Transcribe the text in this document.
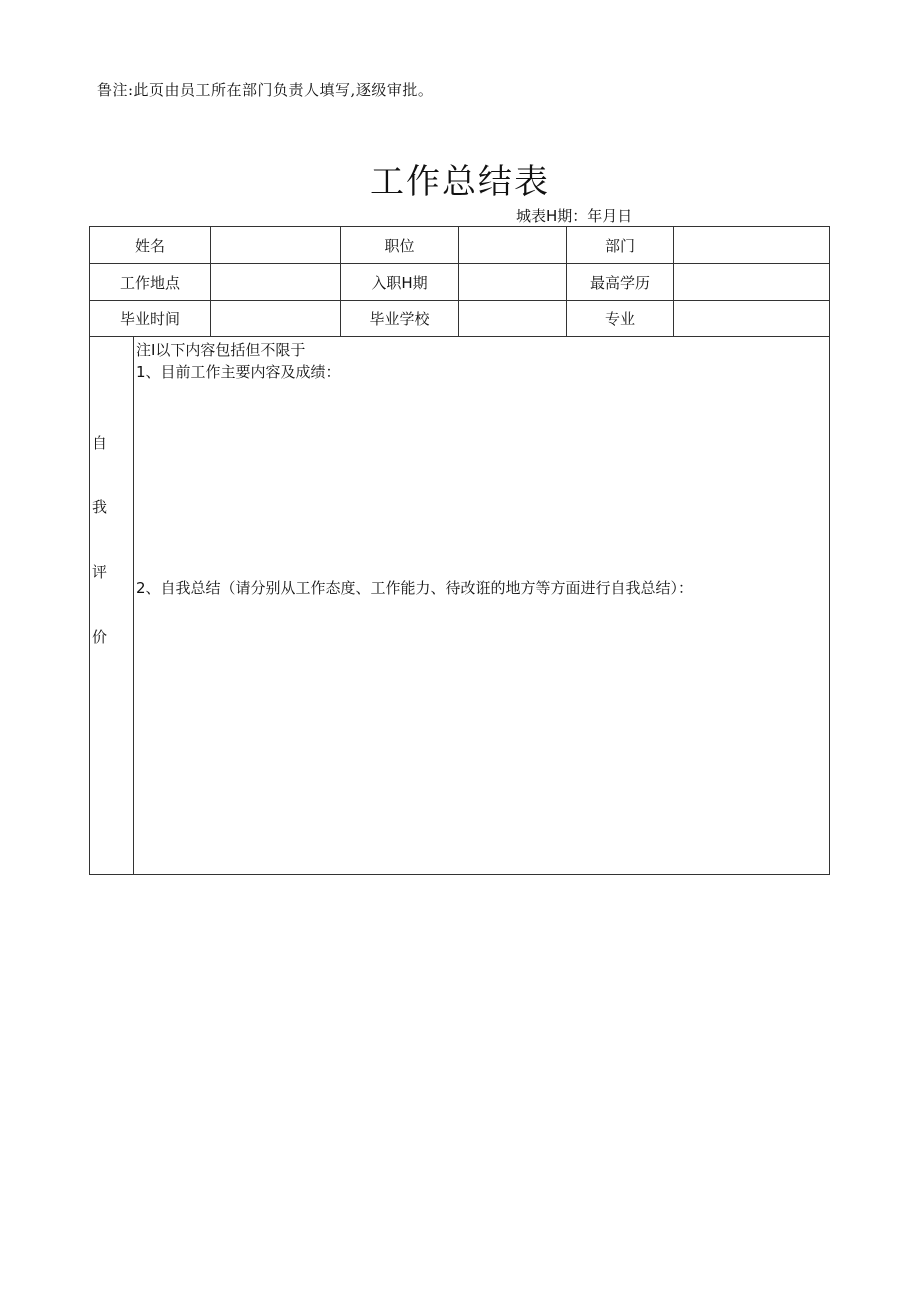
鲁注:此页由员工所在部门负责人填写,逐级审批。
工作总结表
城表H期：年月日
姓名	职位	部门
工作地点	入职H期	最高学历
毕业时间	毕业学校	专业
自
我
评
价
注I以下内容包括但不限于
1、目前工作主要内容及成绩：
2、自我总结（请分别从工作态度、工作能力、待改诳的地方等方面进行自我总结）：
